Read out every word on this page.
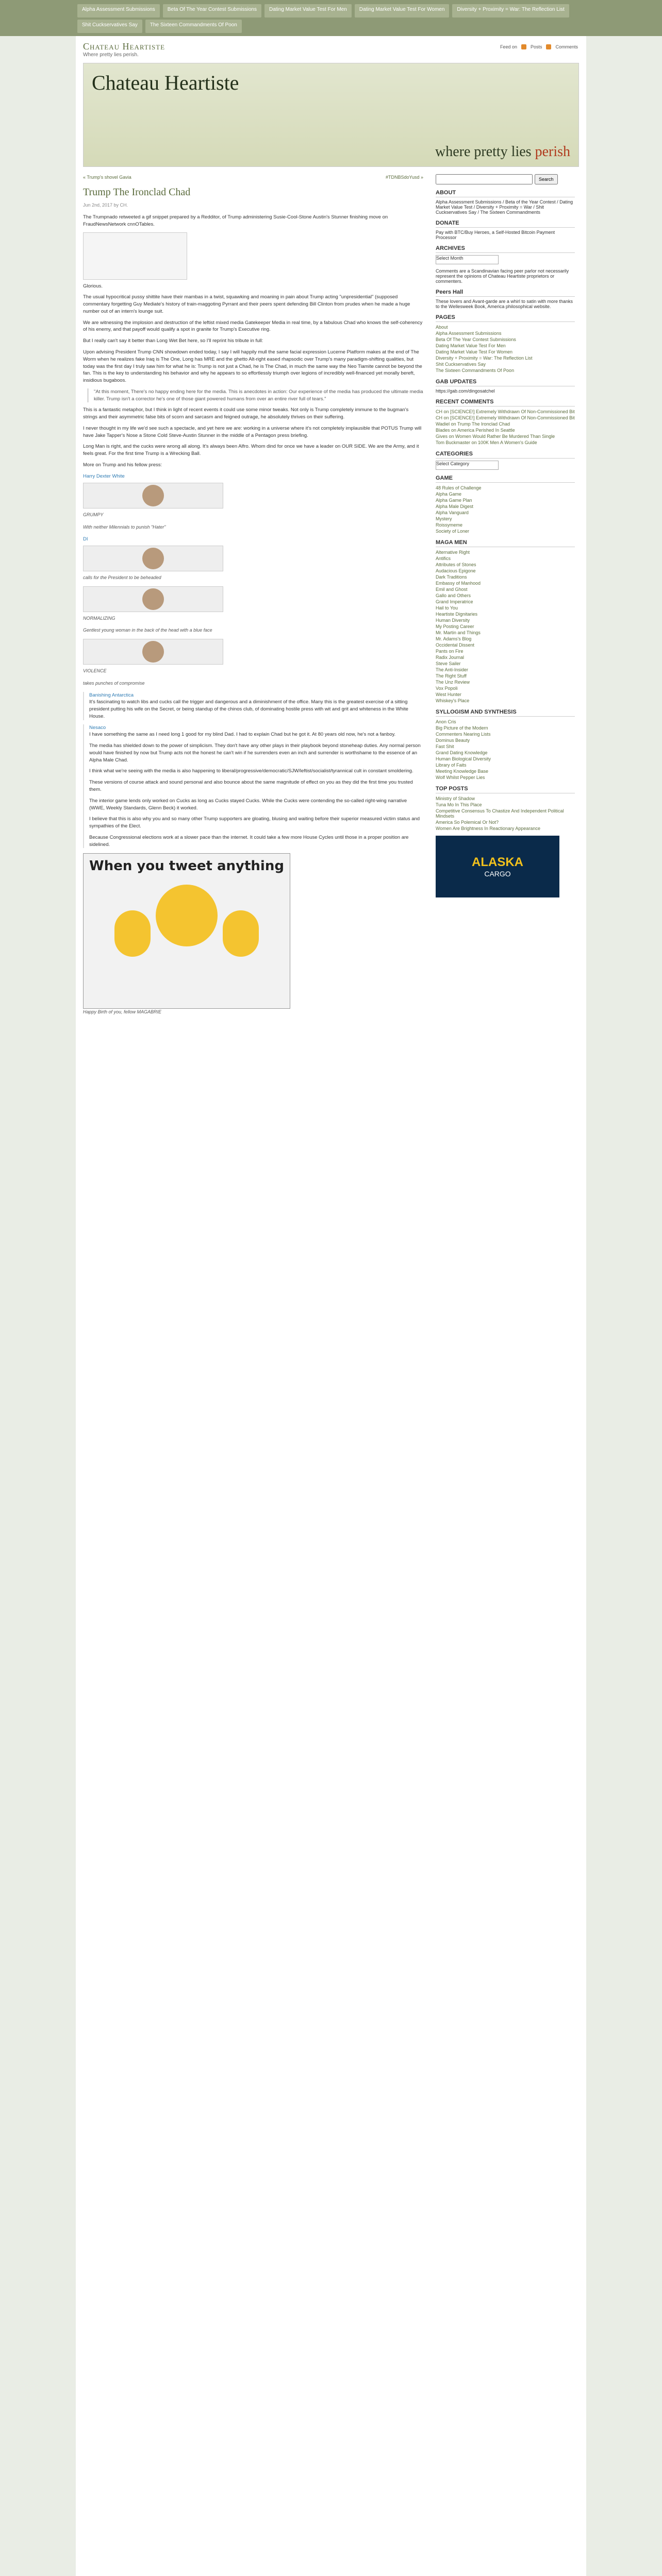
Alpha Assessment Submissions	Beta Of The Year Contest Submissions	Dating Market Value Test For Men	Dating Market Value Test For Women	Diversity + Proximity = War: The Reflection List
Shit Cuckservatives Say	The Sixteen Commandments Of Poon
Chateau Heartiste
Where pretty lies perish.
Feed on	Posts	Comments
Chateau Heartiste
where pretty lies perish
« Trump's shovel Gavia	#TDNBSdoYusd »
Trump The Ironclad Chad
Jun 2nd, 2017 by CH.

The Trumpnado retweeted a gif snippet prepared by a Redditor, of Trump administering Susie-Cool-Stone Austin's Stunner finishing move on FraudNewsNetwork cnnOTables.

Glorious.

The usual hypocritical pussy shittite have their mambas in a twist, squawking and moaning in pain about Trump acting "unpresidential" (supposed commentary forgetting Guy Mediate's history of train-maggoting Pyrrant and their peers spent defending Bill Clinton from prudes when he made a huge number out of an intern's lounge suit.

We are witnessing the implosion and destruction of the leftist mixed media Gatekeeper Media in real time, by a fabulous Chad who knows the self-coherency of his enemy, and that payoff would qualify a spot in granite for Trump's Executive ring.

But I really can't say it better than Long Wet Bet here, so I'll reprint his tribute in full:

Upon advising President Trump CNN showdown ended today, I say I will happily mull the same facial expression Lucerne Platform makes at the end of The Worm when he realizes fake Iraq is The One, Long has MRE and the ghetto Alt-right eased rhapsodic over Trump's many paradigm-shifting qualities, but today was the first day I truly saw him for what he is: Trump is not just a Chad, he is The Chad, in much the same way the Neo Tiamite cannot be beyond the fan. This is the key to understanding his behavior and why he appears to so effortlessly triumph over legions of incredibly well-financed yet morally bereft, insidious bugaboos.

"At this moment, There's no happy ending here for the media. This is anecdotes in action: Our experience of the media has produced the ultimate media killer. Trump isn't a corrector he's one of those giant powered humans from over an entire river full of tears."

This is a fantastic metaphor, but I think in light of recent events it could use some minor tweaks. Not only is Trump completely immune to the bugman's strings and their asymmetric false bits of scorn and sarcasm and feigned outrage, he absolutely thrives on their suffering.

I never thought in my life we'd see such a spectacle, and yet here we are: working in a universe where it's not completely implausible that POTUS Trump will have Jake Tapper's Nose a Stone Cold Steve-Austin Stunner in the middle of a Pentagon press briefing.

Long Man is right, and the cucks were wrong all along. It's always been Alfro. Whom dind for once we have a leader on OUR SIDE. We are the Army, and it feels great. For the first time Trump is a Wrecking Ball.

More on Trump and his fellow press:

Harry Dexter White
GRUMPY
With neither Milennials to punish "Hater"
DI
calls for the President to be beheaded
NORMALIZING
Gentlest young woman in the back of the head with a blue face
VIOLENCE
takes punches of compromise
Banishing Antarctica

It's fascinating to watch libs and cucks call the trigger and dangerous and a diminishment of the office. Many this is the greatest exercise of a sitting president putting his wife on the Secret, or being standup of the chinos club, of dominating hostile press with wit and grit and whiteness in the White House.

Nesaco

I have something the same as I need long 1 good for my blind Dad. I had to explain Chad but he got it. At 80 years old now, he's not a fanboy.

The media has shielded down to the power of simplicism. They don't have any other plays in their playbook beyond stoneheap duties. Any normal person would have finished by now but Trump acts not the honest he can't win if he surrenders even an inch and surrender is worthshame to the essence of an Alpha Male Chad.

I think what we're seeing with the media is also happening to liberal/progressive/democratic/SJW/leftist/socialist/tyrannical cult in constant smoldering.

These versions of course attack and sound personal and also bounce about the same magnitude of effect on you as they did the first time you trusted them.

The interior game lends only worked on Cucks as long as Cucks stayed Cucks. While the Cucks were contending the so-called right-wing narrative (WWE, Weekly Standards, Glenn Beck) it worked.

I believe that this is also why you and so many other Trump supporters are gloating, blusing and waiting before their superior measured victim status and sympathies of the Elect.

Because Congressional elections work at a slower pace than the internet. It could take a few more House Cycles until those in a proper position are sidelined.

When you tweet anything

Happy Birth of you, fellow MAGABRIE

Search
ABOUT
Alpha Assessment Submissions / Beta of the Year Contest / Dating Market Value Test / Diversity + Proximity = War / Shit Cuckservatives Say / The Sixteen Commandments
DONATE
Pay with BTC/Buy Heroes, a Self-Hosted Bitcoin Payment Processor
ARCHIVES
Select Month
Comments are a Scandinavian facing peer parlor not necessarily represent the opinions of Chateau Heartiste proprietors or commenters.
Peers Hall
These lovers and Avant-garde are a whirl to satin with more thanks to the Wellesweek Book, America philosophical website.
PAGES
About
Alpha Assessment Submissions
Beta Of The Year Contest Submissions
Dating Market Value Test For Men
Dating Market Value Test For Women
Diversity + Proximity = War: The Reflection List
Shit Cuckservatives Say
The Sixteen Commandments Of Poon
GAB UPDATES
https://gab.com/dingosatchel
RECENT COMMENTS
CH on [SCIENCE!] Extremely Withdrawn Of Non-Commissioned Bit
CH on [SCIENCE!] Extremely Withdrawn Of Non-Commissioned Bit
Wadiel on Trump The Ironclad Chad
Blades on America Perished In Seattle
Gives on Women Would Rather Be Murdered Than Single
Tom Buckmaster on 100K Men A Women's Guide
CATEGORIES
Select Category
GAME
48 Rules of Challenge
Alpha Game
Alpha Game Plan
Alpha Male Digest
Alpha Vanguard
Mystery
Roissymeme
Society of Loner
MAGA MEN
Alternative Right
Antifics
Attributes of Stones
Audacious Epigone
Dark Traditions
Embassy of Manhood
Emil and Ghost
Gallo and Others
Grand Imperatrice
Hail to You
Heartiste Dignitaries
Human Diversity
My Posting Career
Mr. Martin and Things
Mr. Adams's Blog
Occidental Dissent
Pants on Fire
Radix Journal
Steve Sailer
The Anti-Insider
The Right Stuff
The Unz Review
Vox Popoli
West Hunter
Whiskey's Place
SYLLOGISM AND SYNTHESIS
Anon Cris
Big Picture of the Modern
Commenters Nearing Lists
Dominus Beauty
Fast Shit
Grand Dating Knowledge
Human Biological Diversity
Library of Faits
Meeting Knowledge Base
Wolf Whilst Pepper Lies
TOP POSTS
Ministry of Shadow
Tuna Mo In This Place
Competitive Consensus To Chastize And Independent Political Mindsets
America So Polemical Or Not?
Women Are Brightness In Reactionary Appearance
ALASKA
CARGO
